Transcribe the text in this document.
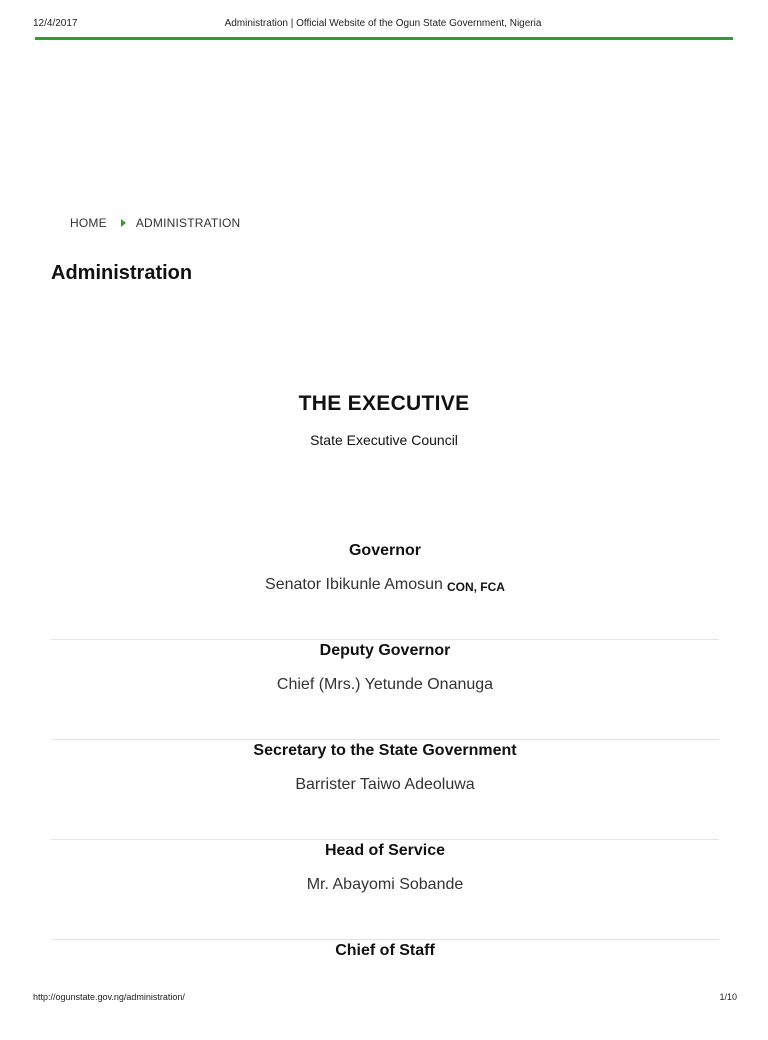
12/4/2017	Administration | Official Website of the Ogun State Government, Nigeria
HOME ADMINISTRATION
Administration
THE EXECUTIVE
State Executive Council
Governor
Senator Ibikunle Amosun CON, FCA
Deputy Governor
Chief (Mrs.) Yetunde Onanuga
Secretary to the State Government
Barrister Taiwo Adeoluwa
Head of Service
Mr. Abayomi Sobande
Chief of Staff
http://ogunstate.gov.ng/administration/	1/10
